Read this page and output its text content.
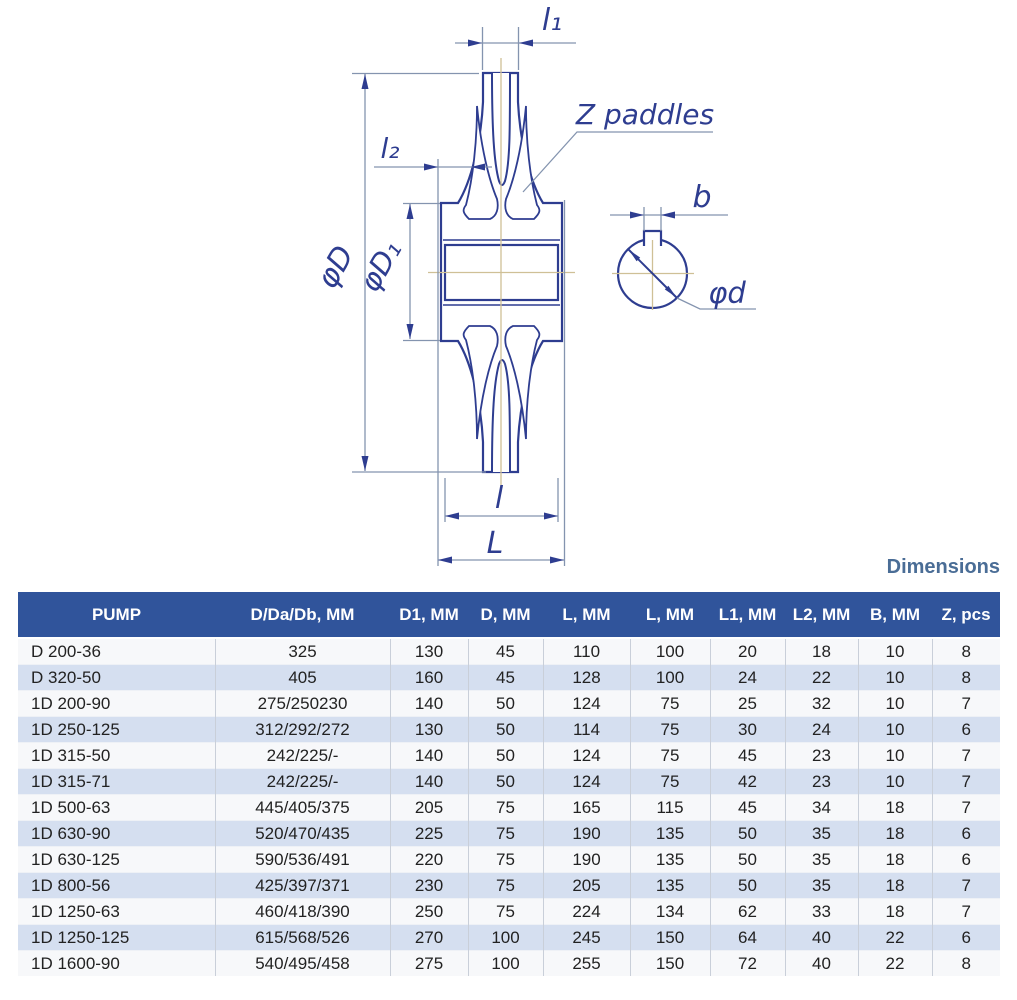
l₁
l₂
Z paddles
φD
φD₁
l
L
b
φd
Dimensions
PUMP	D/Da/Db, MM	D1, MM	D, MM	L, MM	L, MM	L1, MM	L2, MM	B, MM	Z, pcs
D 200-36	325	130	45	110	100	20	18	10	8
D 320-50	405	160	45	128	100	24	22	10	8
1D 200-90	275/250230	140	50	124	75	25	32	10	7
1D 250-125	312/292/272	130	50	114	75	30	24	10	6
1D 315-50	242/225/-	140	50	124	75	45	23	10	7
1D 315-71	242/225/-	140	50	124	75	42	23	10	7
1D 500-63	445/405/375	205	75	165	115	45	34	18	7
1D 630-90	520/470/435	225	75	190	135	50	35	18	6
1D 630-125	590/536/491	220	75	190	135	50	35	18	6
1D 800-56	425/397/371	230	75	205	135	50	35	18	7
1D 1250-63	460/418/390	250	75	224	134	62	33	18	7
1D 1250-125	615/568/526	270	100	245	150	64	40	22	6
1D 1600-90	540/495/458	275	100	255	150	72	40	22	8
